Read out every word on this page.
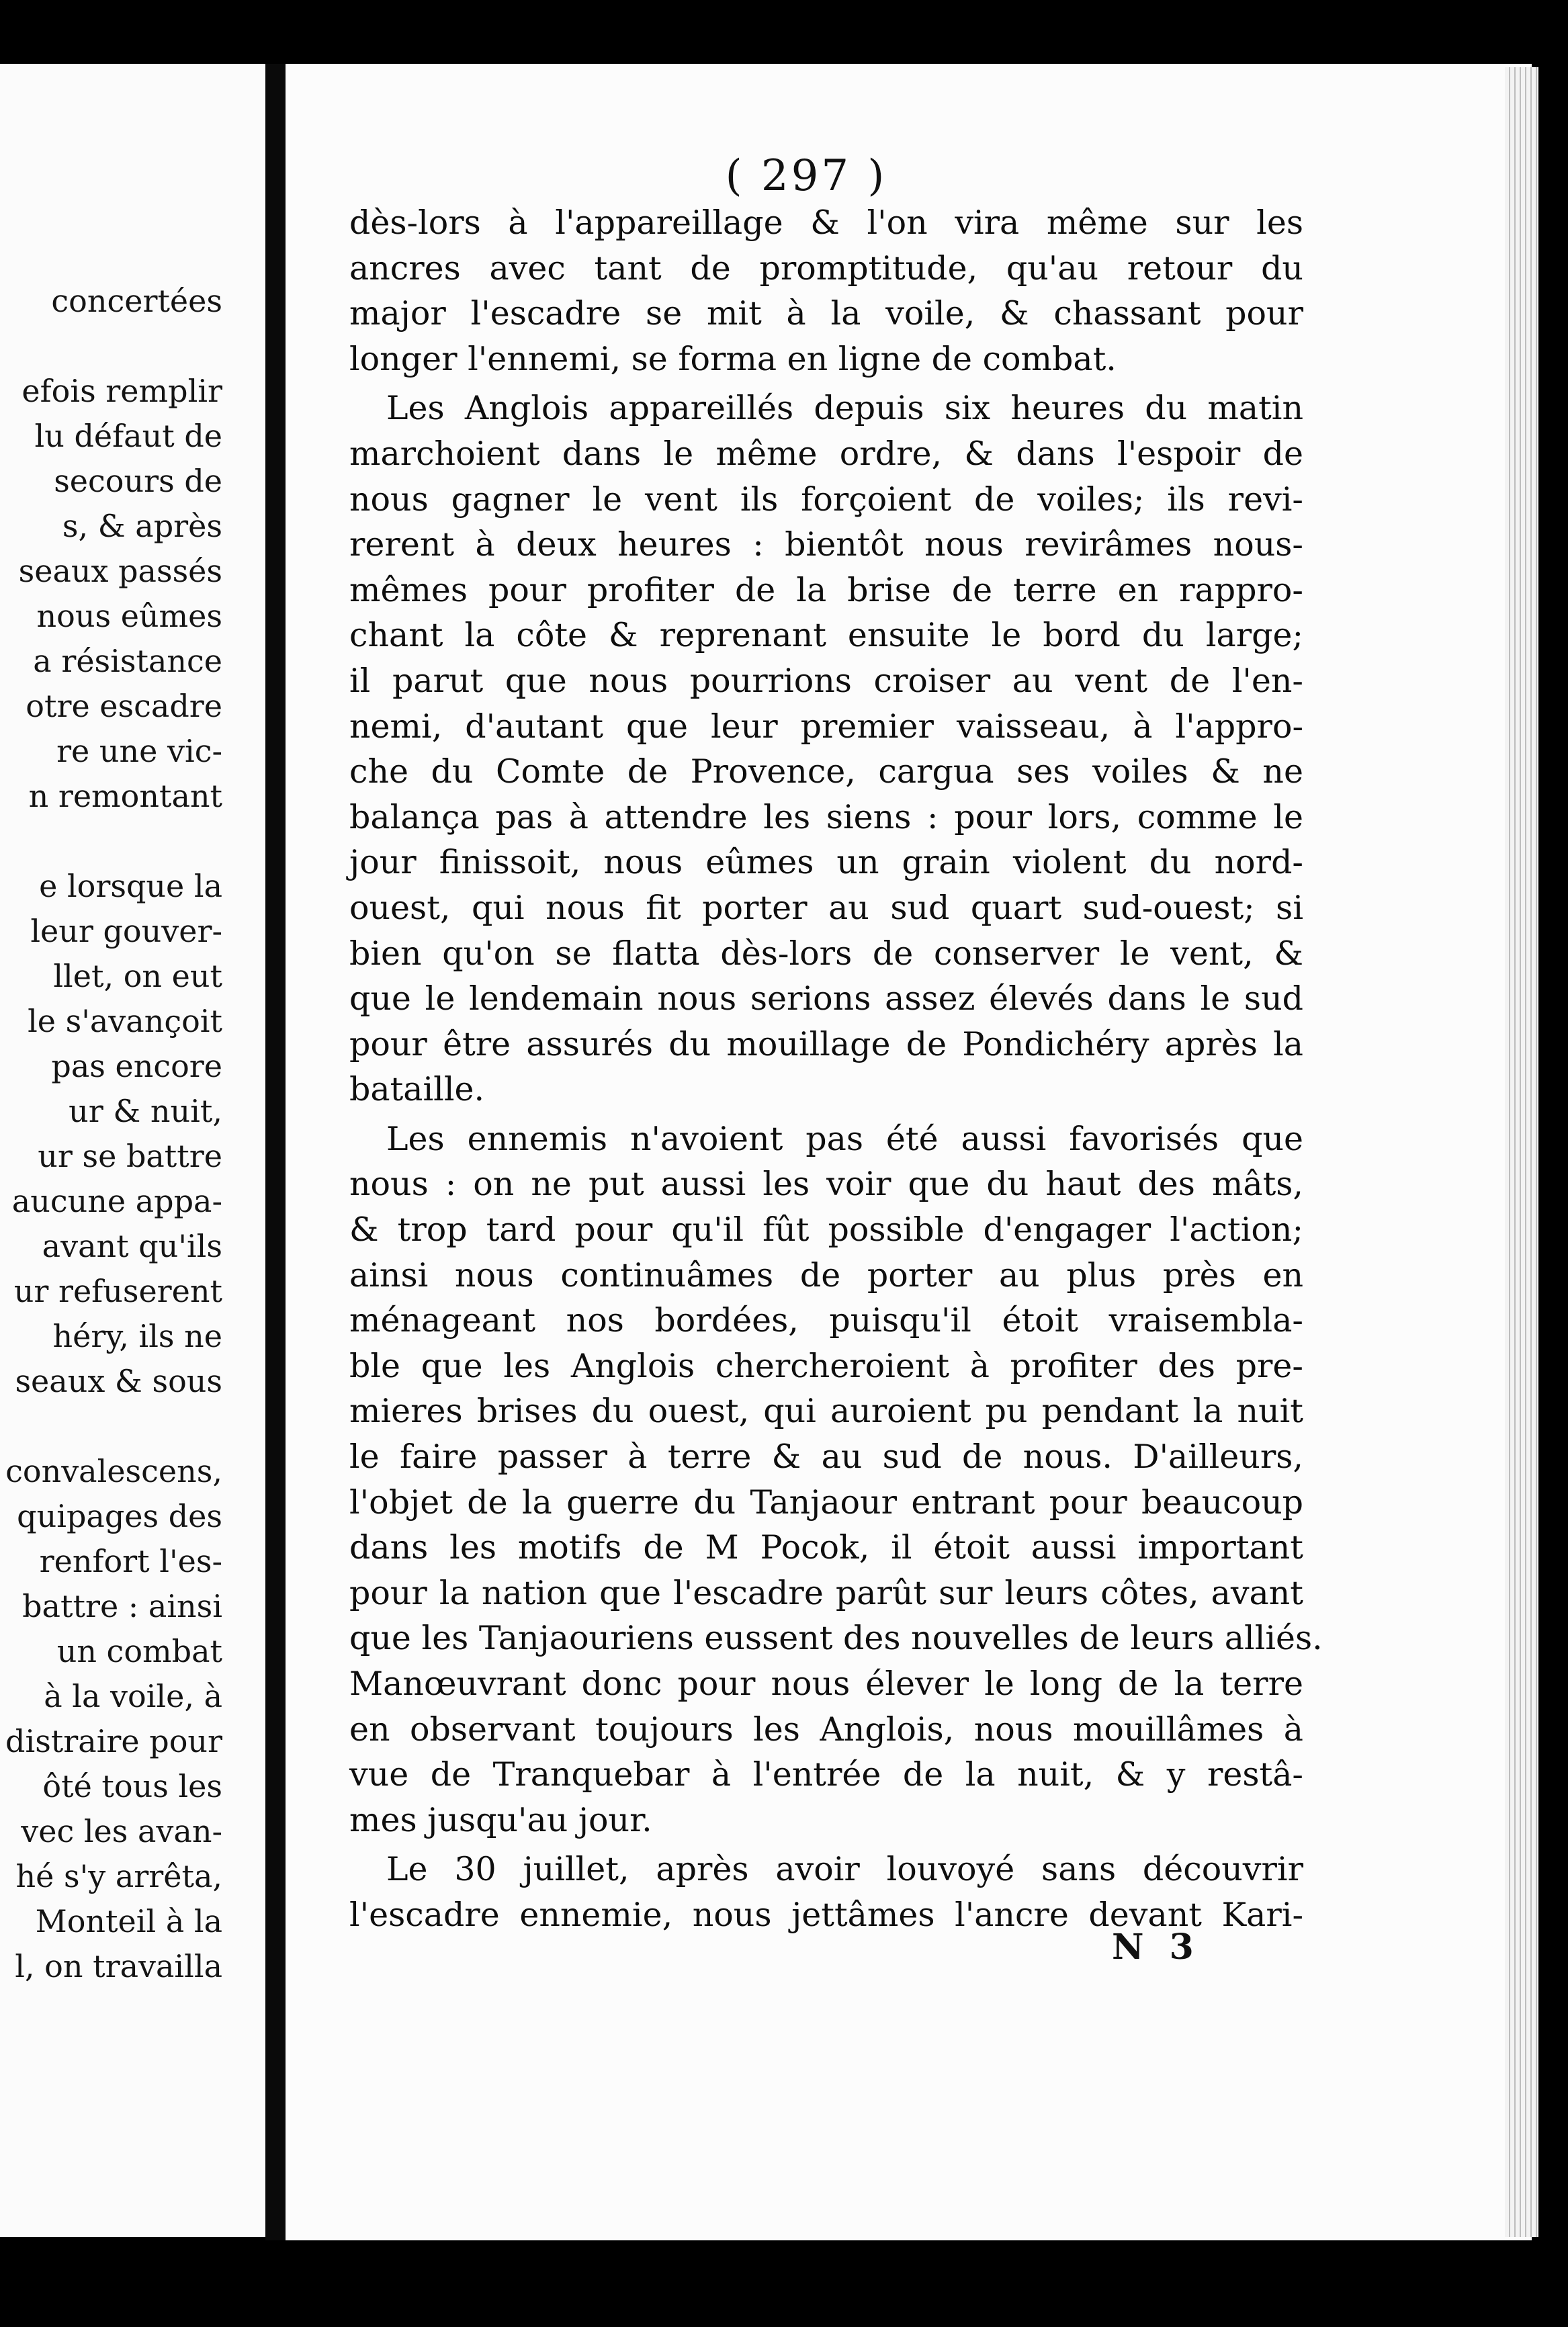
concertées
efois remplir
lu défaut de
secours de
s, & après
seaux passés
nous eûmes
a résistance
otre escadre
re une vic-
n remontant
e lorsque la
leur gouver-
llet, on eut
le s'avançoit
pas encore
ur & nuit,
ur se battre
aucune appa-
avant qu'ils
ur refuserent
héry, ils ne
seaux & sous
convalescens,
quipages des
renfort l'es-
battre : ainsi
un combat
à la voile, à
distraire pour
ôté tous les
vec les avan-
hé s'y arrêta,
Monteil à la
l, on travailla
( 297 )
dès-lors à l'appareillage & l'on vira même sur les
ancres avec tant de promptitude, qu'au retour du
major l'escadre se mit à la voile, & chassant pour
longer l'ennemi, se forma en ligne de combat.
Les Anglois appareillés depuis six heures du matin
marchoient dans le même ordre, & dans l'espoir de
nous gagner le vent ils forçoient de voiles; ils revi-
rerent à deux heures : bientôt nous revirâmes nous-
mêmes pour profiter de la brise de terre en rappro-
chant la côte & reprenant ensuite le bord du large;
il parut que nous pourrions croiser au vent de l'en-
nemi, d'autant que leur premier vaisseau, à l'appro-
che du Comte de Provence, cargua ses voiles & ne
balança pas à attendre les siens : pour lors, comme le
jour finissoit, nous eûmes un grain violent du nord-
ouest, qui nous fit porter au sud quart sud-ouest; si
bien qu'on se flatta dès-lors de conserver le vent, &
que le lendemain nous serions assez élevés dans le sud
pour être assurés du mouillage de Pondichéry après la
bataille.
Les ennemis n'avoient pas été aussi favorisés que
nous : on ne put aussi les voir que du haut des mâts,
& trop tard pour qu'il fût possible d'engager l'action;
ainsi nous continuâmes de porter au plus près en
ménageant nos bordées, puisqu'il étoit vraisembla-
ble que les Anglois chercheroient à profiter des pre-
mieres brises du ouest, qui auroient pu pendant la nuit
le faire passer à terre & au sud de nous. D'ailleurs,
l'objet de la guerre du Tanjaour entrant pour beaucoup
dans les motifs de M Pocok, il étoit aussi important
pour la nation que l'escadre parût sur leurs côtes, avant
que les Tanjaouriens eussent des nouvelles de leurs alliés.
Manœuvrant donc pour nous élever le long de la terre
en observant toujours les Anglois, nous mouillâmes à
vue de Tranquebar à l'entrée de la nuit, & y restâ-
mes jusqu'au jour.
Le 30 juillet, après avoir louvoyé sans découvrir
l'escadre ennemie, nous jettâmes l'ancre devant Kari-
N 3
